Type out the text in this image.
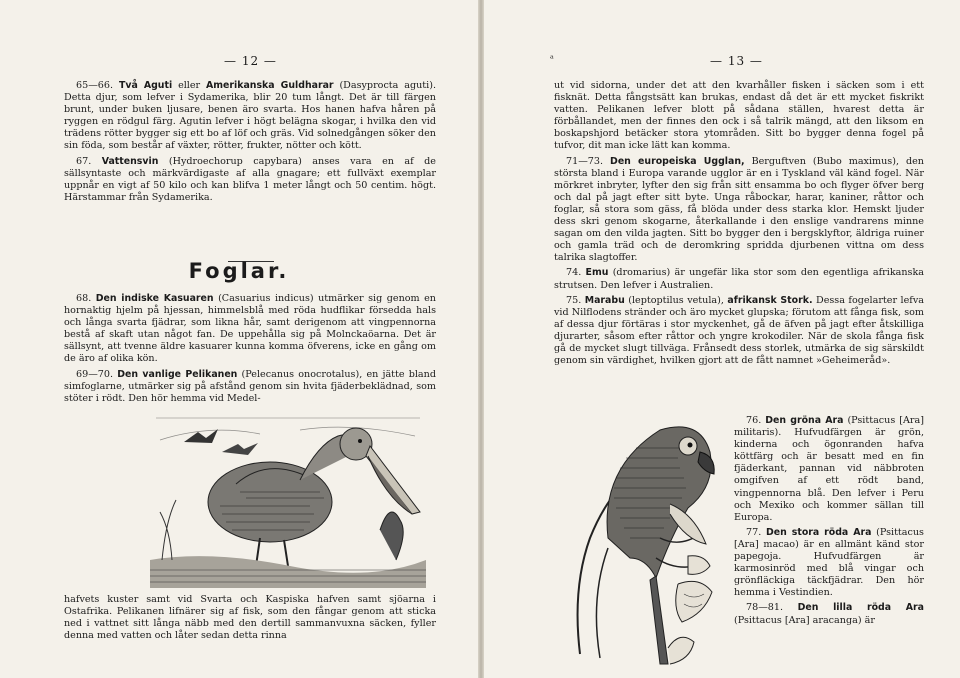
— 12 —

65—66. Två Aguti eller Amerikanska Guldharar (Dasyprocta aguti). Detta djur, som lefver i Sydamerika, blir 20 tum långt. Det är till färgen brunt, under buken ljusare, benen äro svarta. Hos hanen hafva håren på ryggen en rödgul färg. Agutin lefver i högt belägna skogar, i hvilka den vid trädens rötter bygger sig ett bo af löf och gräs. Vid solnedgången söker den sin föda, som består af växter, rötter, frukter, nötter och kött.

67. Vattensvin (Hydroechorup capybara) anses vara en af de sällsyntaste och märkvärdigaste af alla gnagare; ett fullväxt exemplar uppnår en vigt af 50 kilo och kan blifva 1 meter långt och 50 centim. högt. Härstammar från Sydamerika.

Foglar.

68. Den indiske Kasuaren (Casuarius indicus) utmärker sig genom en hornaktig hjelm på hjessan, himmelsblå med röda hudflikar försedda hals och långa svarta fjädrar, som likna hår, samt derigenom att vingpennorna bestå af skaft utan något fan. De uppehålla sig på Molnckaöarna. Det är sällsynt, att tvenne äldre kasuarer kunna komma öfverens, icke en gång om de äro af olika kön.

69—70. Den vanlige Pelikanen (Pelecanus onocrotalus), en jätte bland simfoglarne, utmärker sig på afstånd genom sin hvita fjäderbeklädnad, som stöter i rödt. Den hör hemma vid Medel-

hafvets kuster samt vid Svarta och Kaspiska hafven samt sjöarna i Ostafrika. Pelikanen lifnärer sig af fisk, som den fångar genom att sticka ned i vattnet sitt långa näbb med den dertill sammanvuxna säcken, fyller denna med vatten och låter sedan detta rinna

ᵃ	— 13 —

ut vid sidorna, under det att den kvarhåller fisken i säcken som i ett fisknät. Detta fångstsätt kan brukas, endast då det är ett mycket fiskrikt vatten. Pelikanen lefver blott på sådana ställen, hvarest detta är förbållandet, men der finnes den ock i så talrik mängd, att den liksom en boskapshjord betäcker stora ytområden. Sitt bo bygger denna fogel på tufvor, dit man icke lätt kan komma.

71—73. Den europeiska Ugglan, Berguftven (Bubo maximus), den största bland i Europa varande ugglor är en i Tyskland väl känd fogel. När mörkret inbryter, lyfter den sig från sitt ensamma bo och flyger öfver berg och dal på jagt efter sitt byte. Unga råbockar, harar, kaniner, råttor och foglar, så stora som gäss, få blöda under dess starka klor. Hemskt ljuder dess skri genom skogarne, återkallande i den enslige vandrarens minne sagan om den vilda jagten. Sitt bo bygger den i bergsklyftor, äldriga ruiner och gamla träd och de deromkring spridda djurbenen vittna om dess talrika slagtoffer.

74. Emu (dromarius) är ungefär lika stor som den egentliga afrikanska strutsen. Den lefver i Australien.

75. Marabu (leptoptilus vetula), afrikansk Stork. Dessa fogelarter lefva vid Nilflodens stränder och äro mycket glupska; förutom att fånga fisk, som af dessa djur förtäras i stor myckenhet, gå de äfven på jagt efter åtskilliga djurarter, såsom efter råttor och yngre krokodiler. När de skola fånga fisk gå de mycket slugt tillväga. Frånsedt dess storlek, utmärka de sig särskildt genom sin värdighet, hvilken gjort att de fått namnet »Geheimeråd».

76. Den gröna Ara (Psittacus [Ara] militaris). Hufvudfärgen är grön, kinderna och ögonranden hafva köttfärg och är besatt med en fin fjäderkant, pannan vid näbbroten omgifven af ett rödt band, vingpennorna blå. Den lefver i Peru och Mexiko och kommer sällan till Europa.

77. Den stora röda Ara (Psittacus [Ara] macao) är en allmänt känd stor papegoja. Hufvudfärgen är karmosinröd med blå vingar och grönfläckiga täckfjädrar. Den hör hemma i Vestindien.

78—81. Den lilla röda Ara (Psittacus [Ara] aracanga) är
